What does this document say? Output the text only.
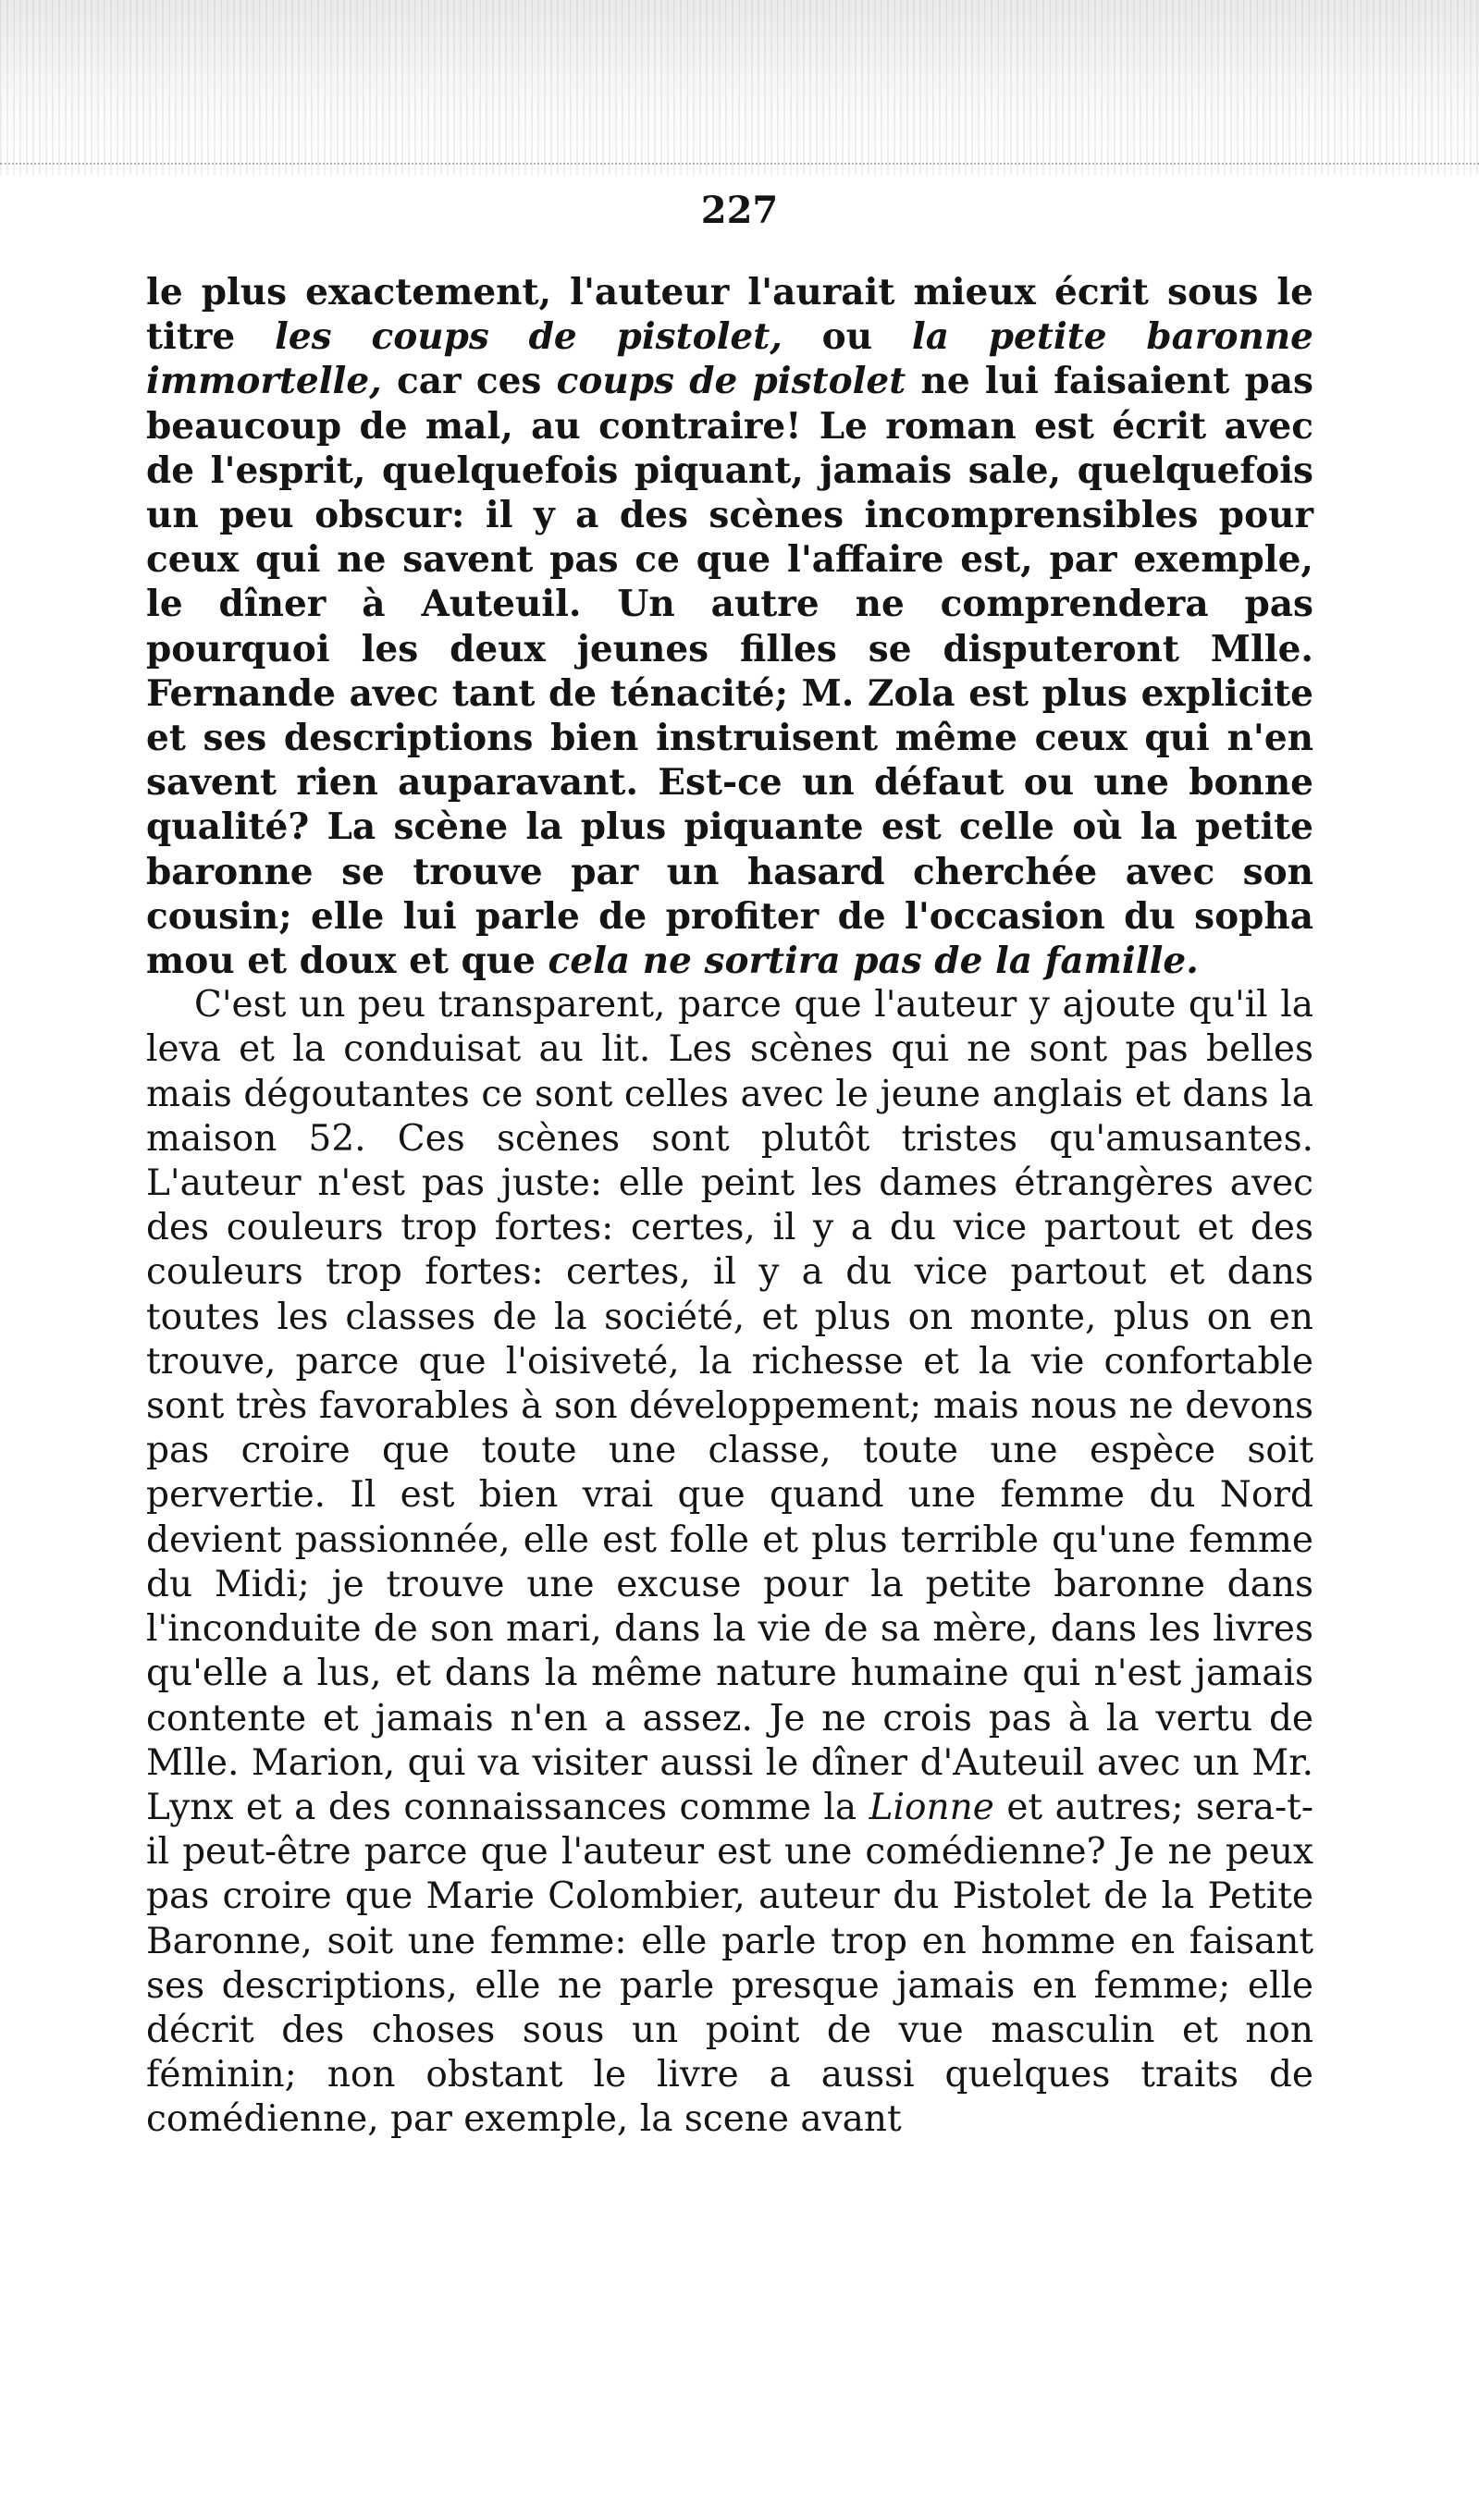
227

le plus exactement, l'auteur l'aurait mieux écrit sous le titre les coups de pistolet, ou la petite baronne immortelle, car ces coups de pistolet ne lui faisaient pas beaucoup de mal, au contraire! Le roman est écrit avec de l'esprit, quelquefois piquant, jamais sale, quelquefois un peu obscur: il y a des scènes incomprensibles pour ceux qui ne savent pas ce que l'affaire est, par exemple, le dîner à Auteuil. Un autre ne comprendera pas pourquoi les deux jeunes filles se disputeront Mlle. Fernande avec tant de ténacité; M. Zola est plus explicite et ses descriptions bien instruisent même ceux qui n'en savent rien auparavant. Est-ce un défaut ou une bonne qualité? La scène la plus piquante est celle où la petite baronne se trouve par un hasard cherchée avec son cousin; elle lui parle de profiter de l'occasion du sopha mou et doux et que cela ne sortira pas de la famille.

C'est un peu transparent, parce que l'auteur y ajoute qu'il la leva et la conduisat au lit. Les scènes qui ne sont pas belles mais dégoutantes ce sont celles avec le jeune anglais et dans la maison 52. Ces scènes sont plutôt tristes qu'amusantes. L'auteur n'est pas juste: elle peint les dames étrangères avec des couleurs trop fortes: certes, il y a du vice partout et des couleurs trop fortes: certes, il y a du vice partout et dans toutes les classes de la société, et plus on monte, plus on en trouve, parce que l'oisiveté, la richesse et la vie confortable sont très favorables à son développement; mais nous ne devons pas croire que toute une classe, toute une espèce soit pervertie. Il est bien vrai que quand une femme du Nord devient passionnée, elle est folle et plus terrible qu'une femme du Midi; je trouve une excuse pour la petite baronne dans l'inconduite de son mari, dans la vie de sa mère, dans les livres qu'elle a lus, et dans la même nature humaine qui n'est jamais contente et jamais n'en a assez. Je ne crois pas à la vertu de Mlle. Marion, qui va visiter aussi le dîner d'Auteuil avec un Mr. Lynx et a des connaissances comme la Lionne et autres; sera-t-il peut-être parce que l'auteur est une comédienne? Je ne peux pas croire que Marie Colombier, auteur du Pistolet de la Petite Baronne, soit une femme: elle parle trop en homme en faisant ses descriptions, elle ne parle presque jamais en femme; elle décrit des choses sous un point de vue masculin et non féminin; non obstant le livre a aussi quelques traits de comédienne, par exemple, la scene avant
